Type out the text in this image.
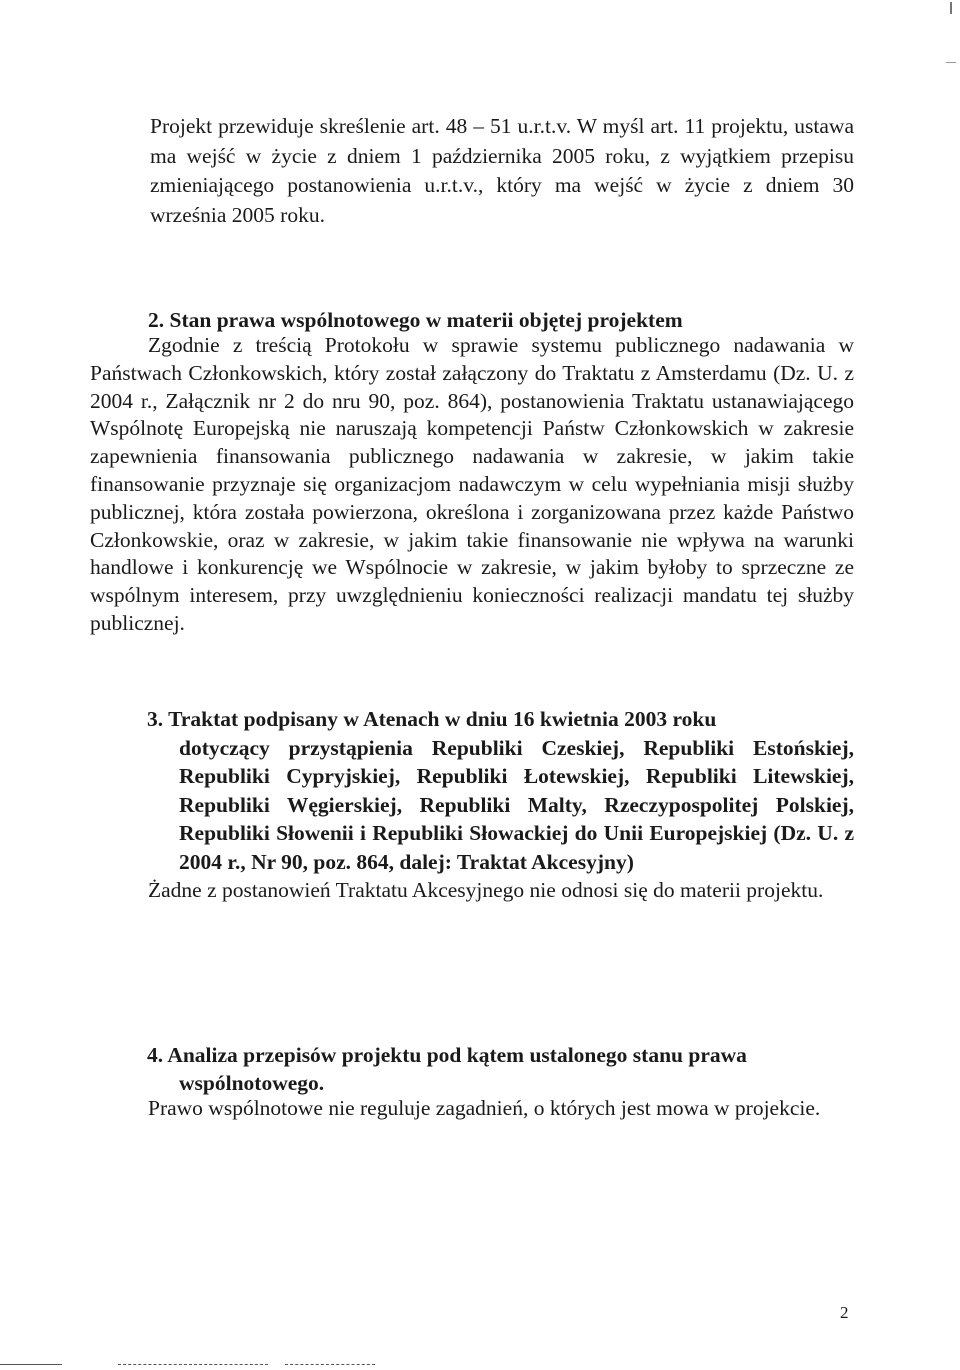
Projekt przewiduje skreślenie art. 48 – 51 u.r.t.v. W myśl art. 11 projektu, ustawa ma wejść w życie z dniem 1 października 2005 roku, z wyjątkiem przepisu zmieniającego postanowienia u.r.t.v., który ma wejść w życie z dniem 30 września 2005 roku.

2. Stan prawa wspólnotowego w materii objętej projektem

Zgodnie z treścią Protokołu w sprawie systemu publicznego nadawania w Państwach Członkowskich, który został załączony do Traktatu z Amsterdamu (Dz. U. z 2004 r., Załącznik nr 2 do nru 90, poz. 864), postanowienia Traktatu ustanawiającego Wspólnotę Europejską nie naruszają kompetencji Państw Członkowskich w zakresie zapewnienia finansowania publicznego nadawania w zakresie, w jakim takie finansowanie przyznaje się organizacjom nadawczym w celu wypełniania misji służby publicznej, która została powierzona, określona i zorganizowana przez każde Państwo Członkowskie, oraz w zakresie, w jakim takie finansowanie nie wpływa na warunki handlowe i konkurencję we Wspólnocie w zakresie, w jakim byłoby to sprzeczne ze wspólnym interesem, przy uwzględnieniu konieczności realizacji mandatu tej służby publicznej.

3. Traktat podpisany w Atenach w dniu 16 kwietnia 2003 roku
dotyczący przystąpienia Republiki Czeskiej, Republiki Estońskiej, Republiki Cypryjskiej, Republiki Łotewskiej, Republiki Litewskiej, Republiki Węgierskiej, Republiki Malty, Rzeczypospolitej Polskiej, Republiki Słowenii i Republiki Słowackiej do Unii Europejskiej (Dz. U. z 2004 r., Nr 90, poz. 864, dalej: Traktat Akcesyjny)

Żadne z postanowień Traktatu Akcesyjnego nie odnosi się do materii projektu.

4. Analiza przepisów projektu pod kątem ustalonego stanu prawa
wspólnotowego.

Prawo wspólnotowe nie reguluje zagadnień, o których jest mowa w projekcie.

2
